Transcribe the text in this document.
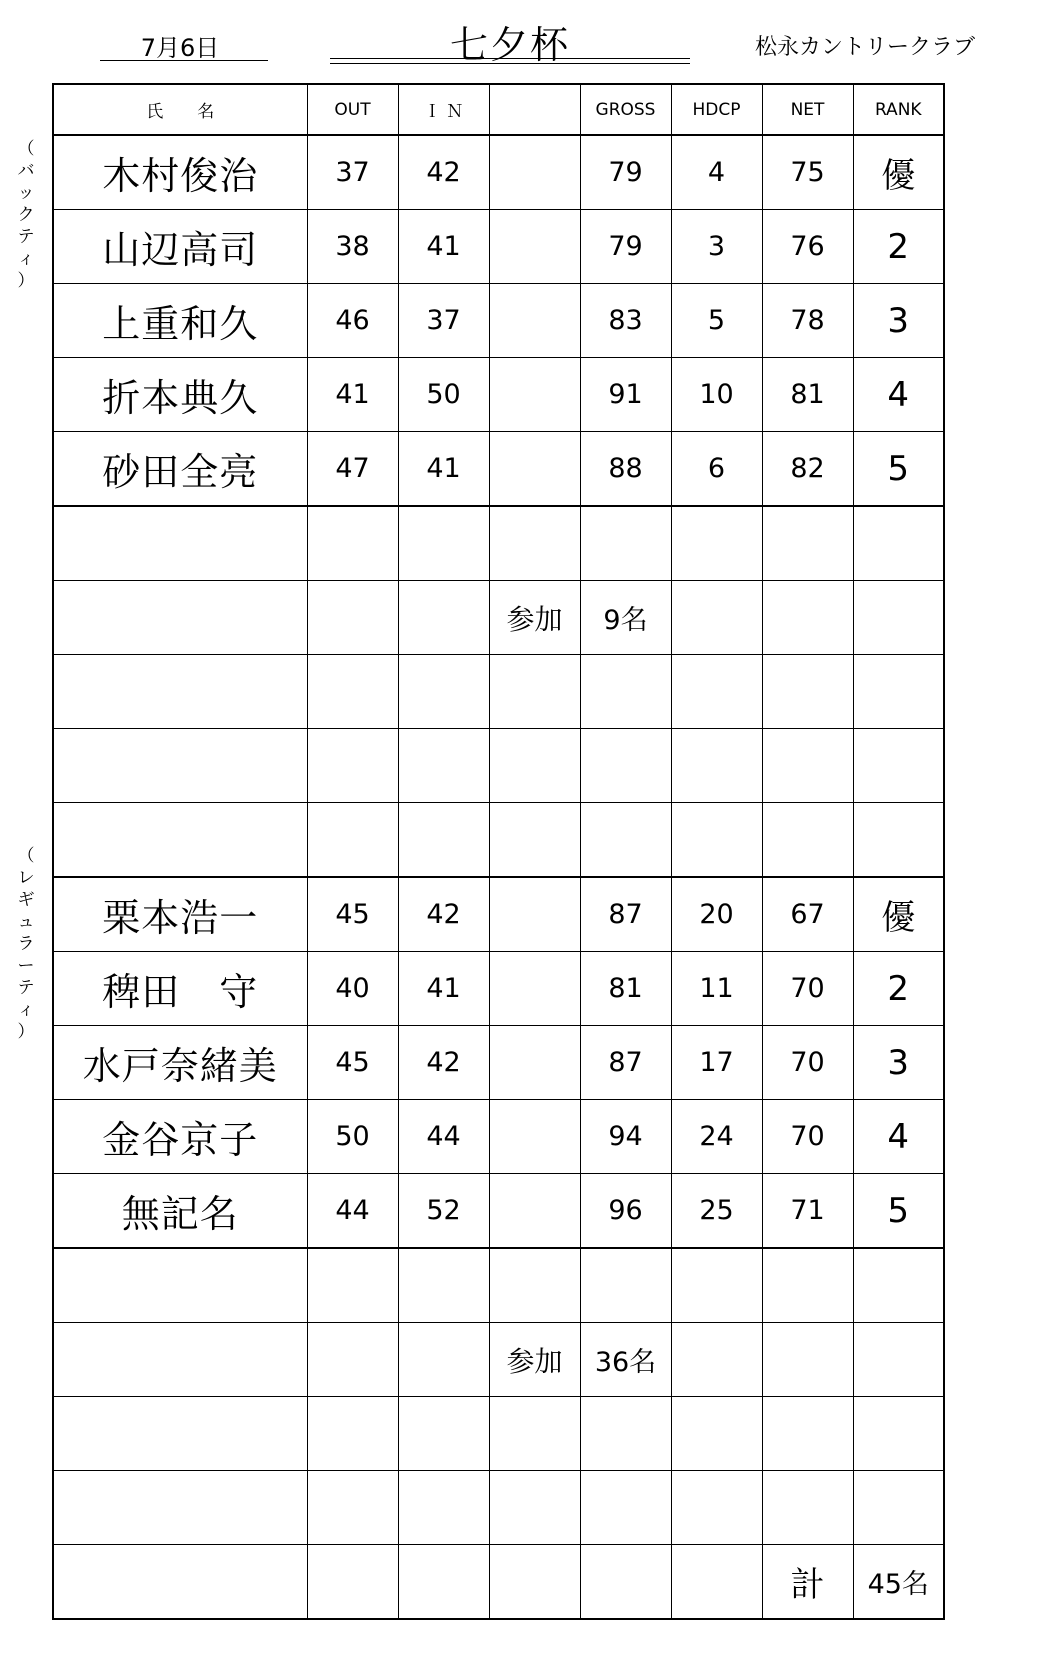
7月6日	七夕杯	松永カントリークラブ
（
バ
ッ
ク
テ
ィ
）
（
レ
ギ
ュ
ラ
ー
テ
ィ
）
氏　　名	OUT	Ｉ Ｎ		GROSS	HDCP	NET	RANK
木村俊治	37	42		79	4	75	優
山辺高司	38	41		79	3	76	2
上重和久	46	37		83	5	78	3
折本典久	41	50		91	10	81	4
砂田全亮	47	41		88	6	82	5

			参加	9名			

栗本浩一	45	42		87	20	67	優
稗田　守	40	41		81	11	70	2
水戸奈緒美	45	42		87	17	70	3
金谷京子	50	44		94	24	70	4
無記名	44	52		96	25	71	5

			参加	36名			

						計	45名
